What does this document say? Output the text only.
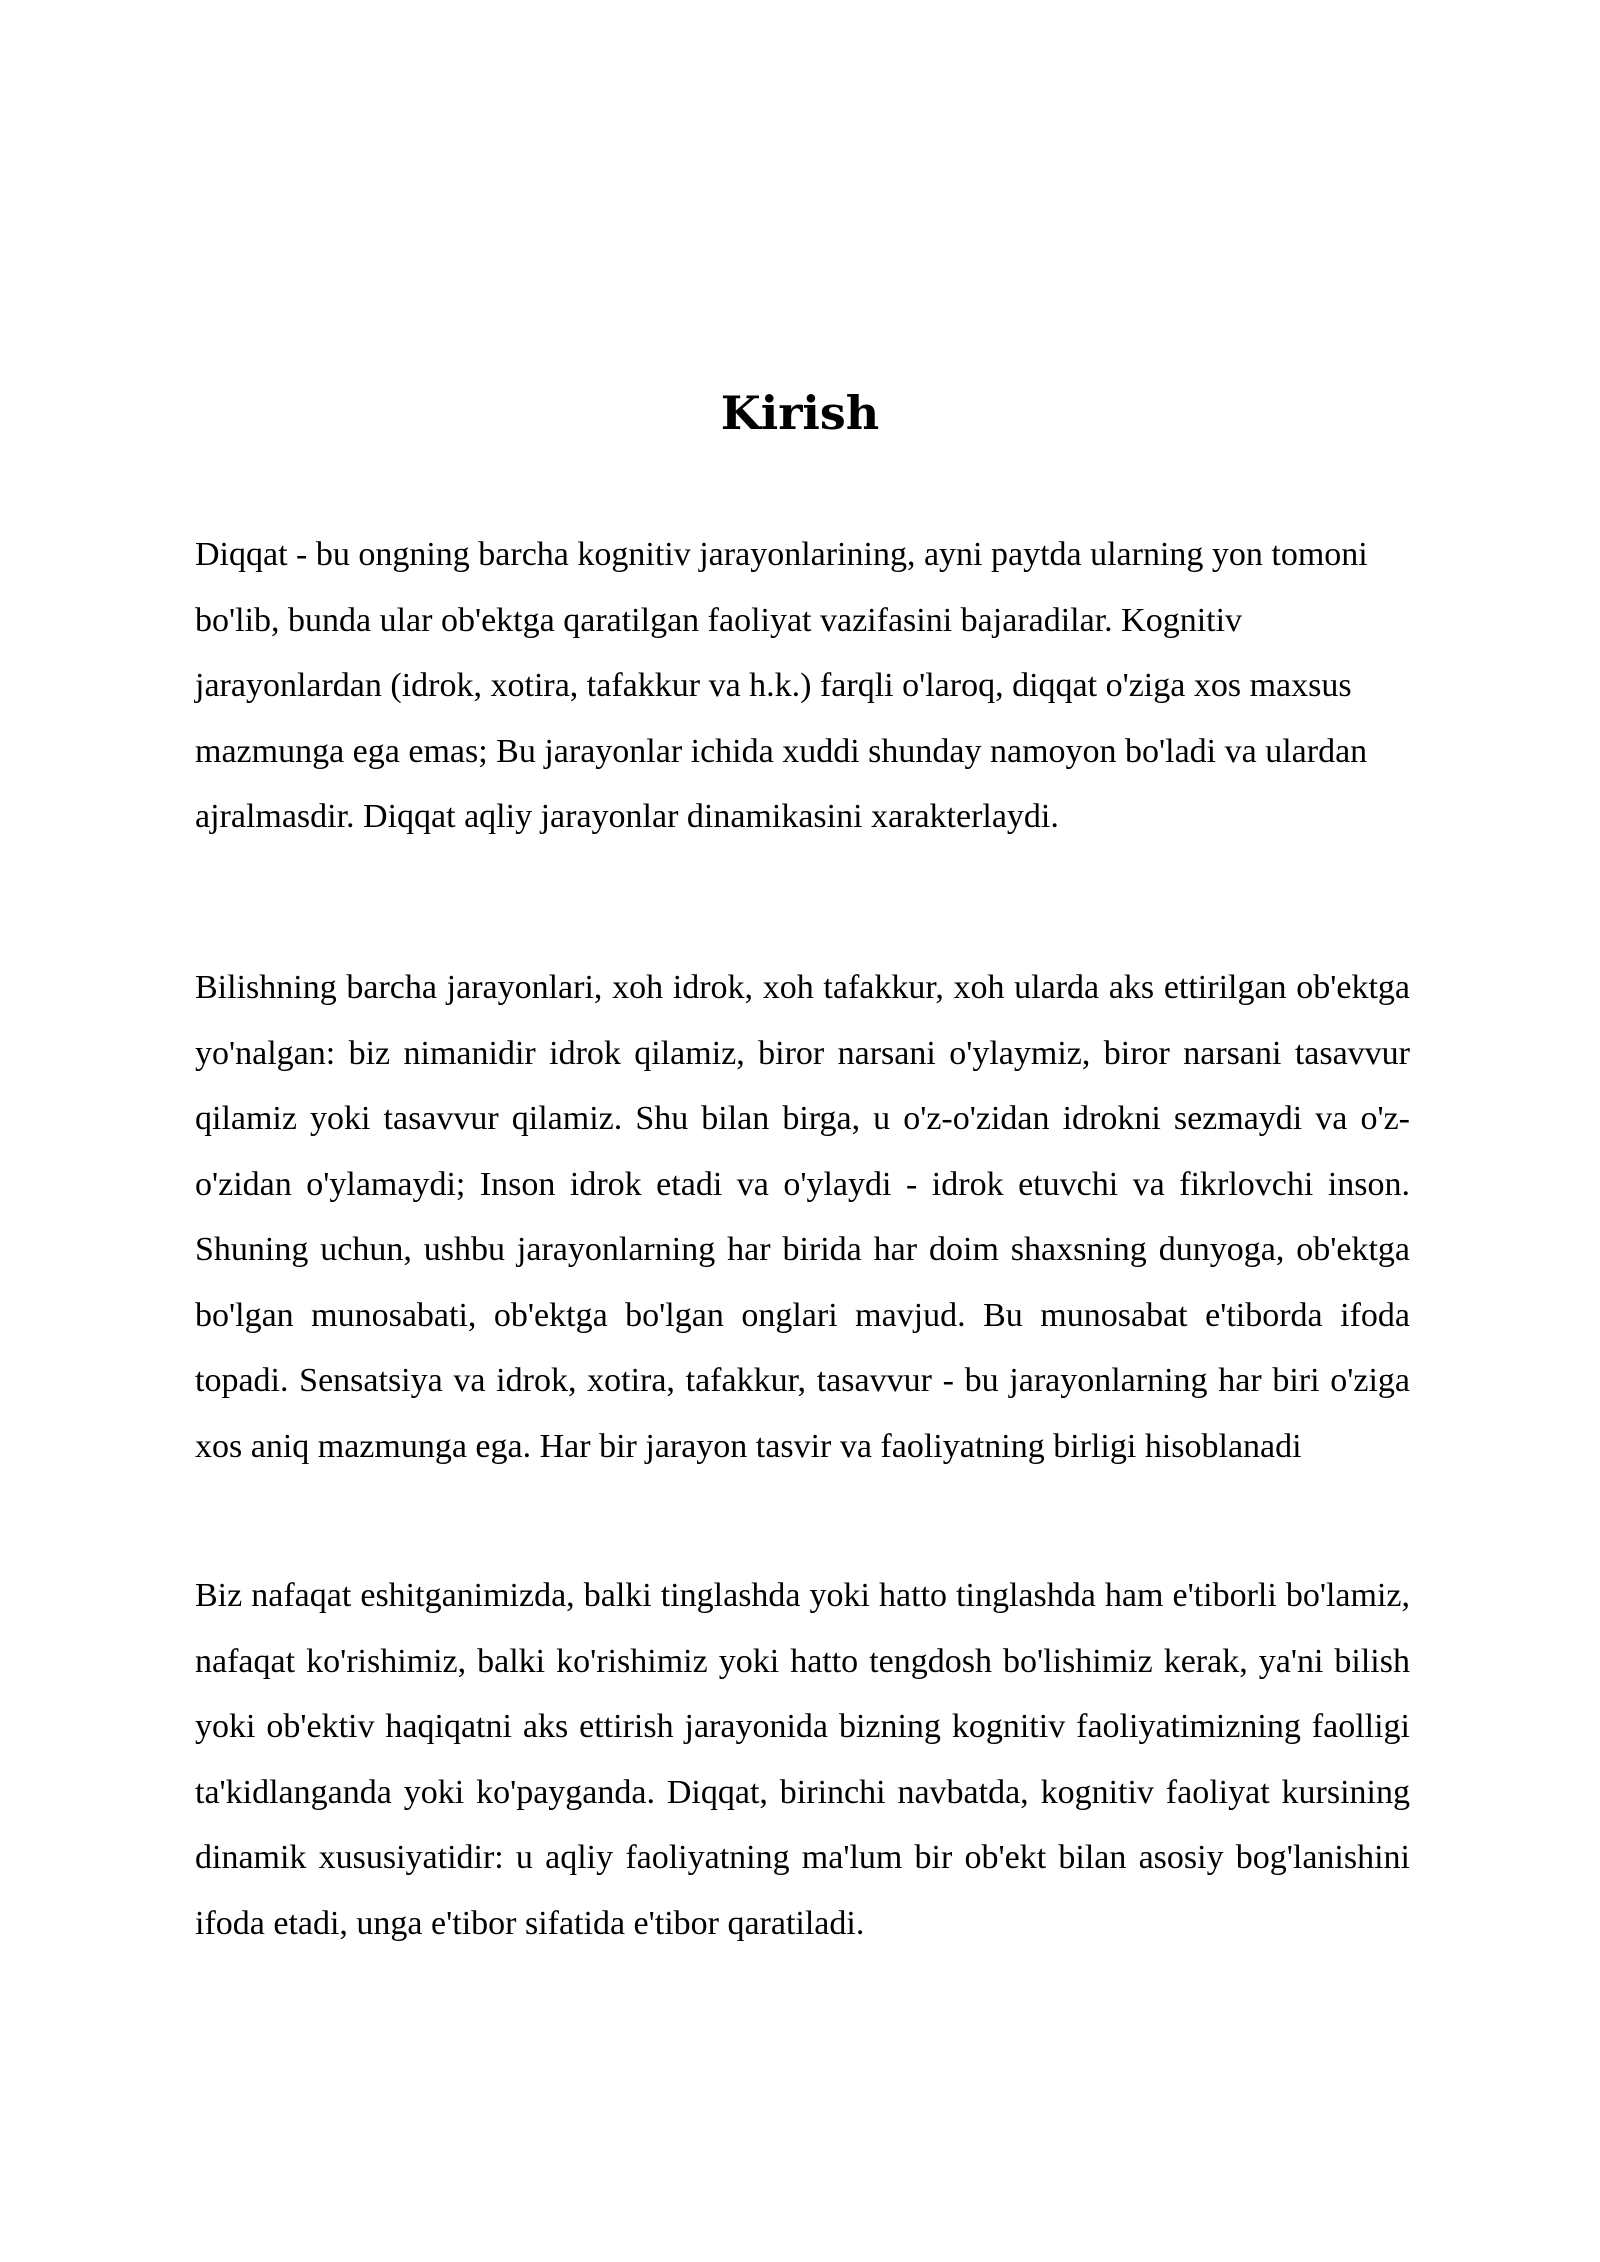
Kirish

Diqqat - bu ongning barcha kognitiv jarayonlarining, ayni paytda ularning yon tomoni bo'lib, bunda ular ob'ektga qaratilgan faoliyat vazifasini bajaradilar. Kognitiv jarayonlardan (idrok, xotira, tafakkur va h.k.) farqli o'laroq, diqqat o'ziga xos maxsus mazmunga ega emas; Bu jarayonlar ichida xuddi shunday namoyon bo'ladi va ulardan ajralmasdir. Diqqat aqliy jarayonlar dinamikasini xarakterlaydi.

Bilishning barcha jarayonlari, xoh idrok, xoh tafakkur, xoh ularda aks ettirilgan ob'ektga yo'nalgan: biz nimanidir idrok qilamiz, biror narsani o'ylaymiz, biror narsani tasavvur qilamiz yoki tasavvur qilamiz. Shu bilan birga, u o'z-o'zidan idrokni sezmaydi va o'z-o'zidan o'ylamaydi; Inson idrok etadi va o'ylaydi - idrok etuvchi va fikrlovchi inson. Shuning uchun, ushbu jarayonlarning har birida har doim shaxsning dunyoga, ob'ektga bo'lgan munosabati, ob'ektga bo'lgan onglari mavjud. Bu munosabat e'tiborda ifoda topadi. Sensatsiya va idrok, xotira, tafakkur, tasavvur - bu jarayonlarning har biri o'ziga xos aniq mazmunga ega. Har bir jarayon tasvir va faoliyatning birligi hisoblanadi

Biz nafaqat eshitganimizda, balki tinglashda yoki hatto tinglashda ham e'tiborli bo'lamiz, nafaqat ko'rishimiz, balki ko'rishimiz yoki hatto tengdosh bo'lishimiz kerak, ya'ni bilish yoki ob'ektiv haqiqatni aks ettirish jarayonida bizning kognitiv faoliyatimizning faolligi ta'kidlanganda yoki ko'payganda. Diqqat, birinchi navbatda, kognitiv faoliyat kursining dinamik xususiyatidir: u aqliy faoliyatning ma'lum bir ob'ekt bilan asosiy bog'lanishini ifoda etadi, unga e'tibor sifatida e'tibor qaratiladi.
